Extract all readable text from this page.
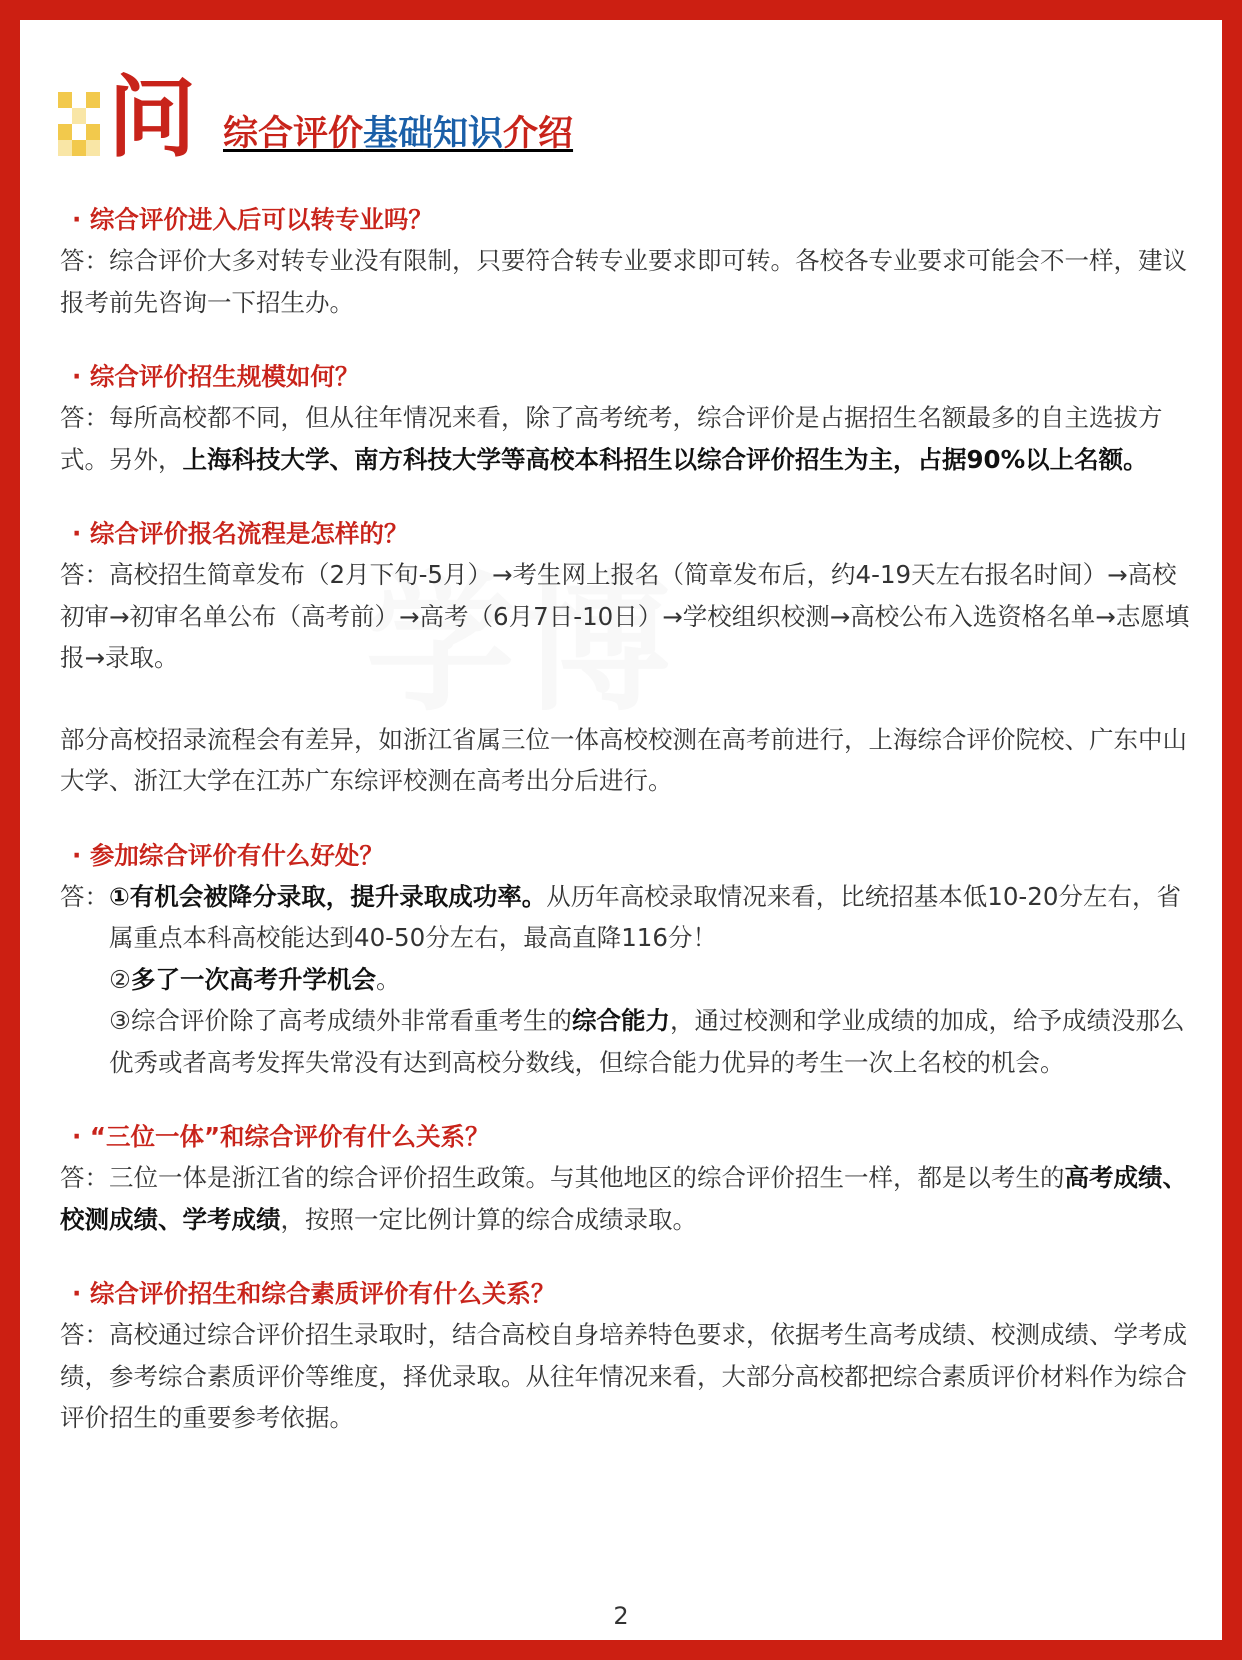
学博
问 综合评价基础知识介绍

· 综合评价进入后可以转专业吗？

答：综合评价大多对转专业没有限制，只要符合转专业要求即可转。各校各专业要求可能会不一样，建议报考前先咨询一下招生办。

· 综合评价招生规模如何？

答：每所高校都不同，但从往年情况来看，除了高考统考，综合评价是占据招生名额最多的自主选拔方式。另外，上海科技大学、南方科技大学等高校本科招生以综合评价招生为主，占据90%以上名额。

· 综合评价报名流程是怎样的？

答：高校招生简章发布（2月下旬-5月）→考生网上报名（简章发布后，约4-19天左右报名时间）→高校初审→初审名单公布（高考前）→高考（6月7日-10日）→学校组织校测→高校公布入选资格名单→志愿填报→录取。

部分高校招录流程会有差异，如浙江省属三位一体高校校测在高考前进行，上海综合评价院校、广东中山大学、浙江大学在江苏广东综评校测在高考出分后进行。

· 参加综合评价有什么好处？

答： ①有机会被降分录取，提升录取成功率。从历年高校录取情况来看，比统招基本低10-20分左右，省属重点本科高校能达到40-50分左右，最高直降116分！

②多了一次高考升学机会。

③综合评价除了高考成绩外非常看重考生的综合能力，通过校测和学业成绩的加成，给予成绩没那么优秀或者高考发挥失常没有达到高校分数线，但综合能力优异的考生一次上名校的机会。

· “三位一体”和综合评价有什么关系？

答：三位一体是浙江省的综合评价招生政策。与其他地区的综合评价招生一样，都是以考生的高考成绩、校测成绩、学考成绩，按照一定比例计算的综合成绩录取。

· 综合评价招生和综合素质评价有什么关系？

答：高校通过综合评价招生录取时，结合高校自身培养特色要求，依据考生高考成绩、校测成绩、学考成绩，参考综合素质评价等维度，择优录取。从往年情况来看，大部分高校都把综合素质评价材料作为综合评价招生的重要参考依据。

2
